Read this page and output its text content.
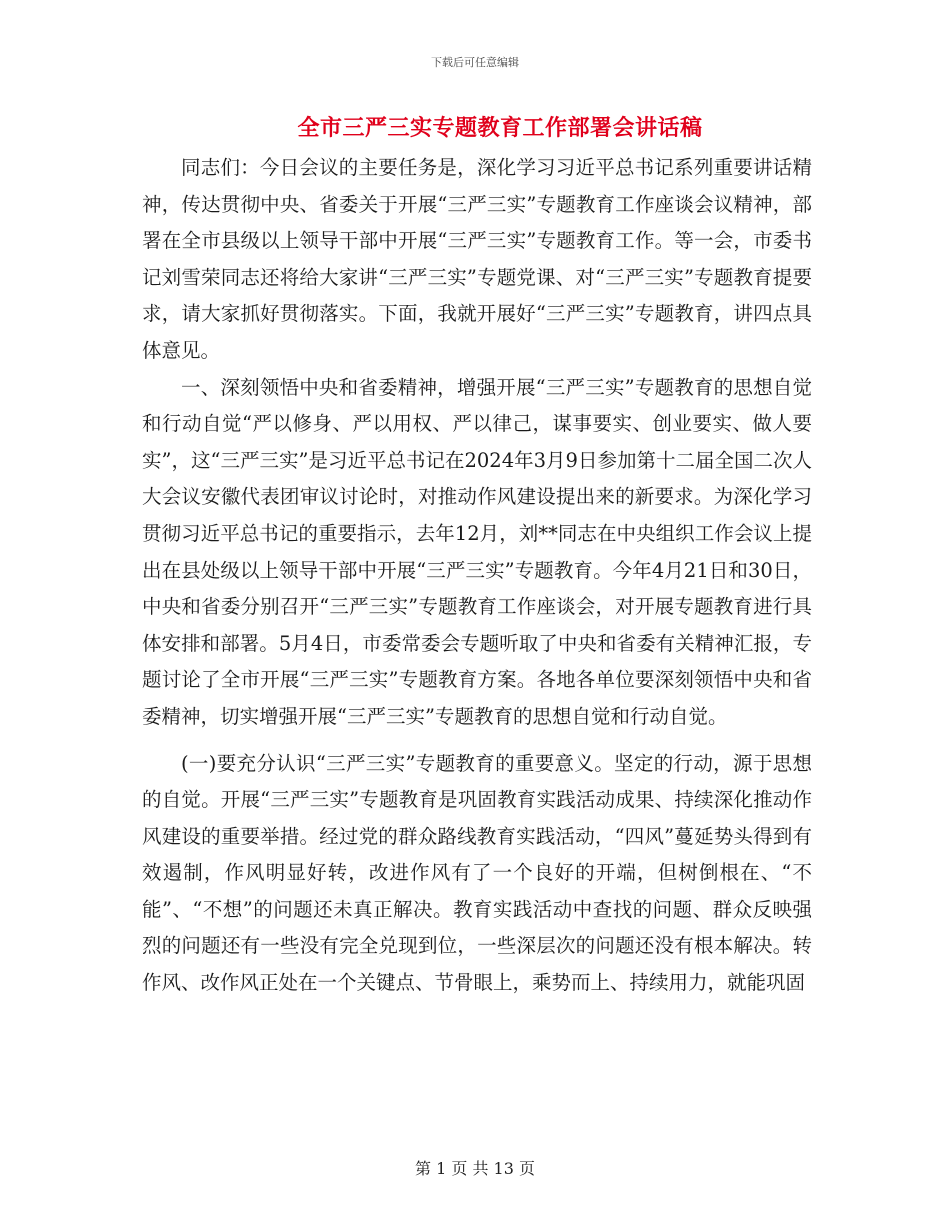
下载后可任意编辑
全市三严三实专题教育工作部署会讲话稿

同志们：今日会议的主要任务是，深化学习习近平总书记系列重要讲话精神，传达贯彻中央、省委关于开展“三严三实”专题教育工作座谈会议精神，部署在全市县级以上领导干部中开展“三严三实”专题教育工作。等一会，市委书记刘雪荣同志还将给大家讲“三严三实”专题党课、对“三严三实”专题教育提要求，请大家抓好贯彻落实。下面，我就开展好“三严三实”专题教育，讲四点具体意见。

一、深刻领悟中央和省委精神，增强开展“三严三实”专题教育的思想自觉和行动自觉“严以修身、严以用权、严以律己，谋事要实、创业要实、做人要实”，这“三严三实”是习近平总书记在2024年3月9日参加第十二届全国二次人大会议安徽代表团审议讨论时，对推动作风建设提出来的新要求。为深化学习贯彻习近平总书记的重要指示，去年12月，刘**同志在中央组织工作会议上提出在县处级以上领导干部中开展“三严三实”专题教育。今年4月21日和30日，中央和省委分别召开“三严三实”专题教育工作座谈会，对开展专题教育进行具体安排和部署。5月4日，市委常委会专题听取了中央和省委有关精神汇报，专题讨论了全市开展“三严三实”专题教育方案。各地各单位要深刻领悟中央和省委精神，切实增强开展“三严三实”专题教育的思想自觉和行动自觉。

(一)要充分认识“三严三实”专题教育的重要意义。坚定的行动，源于思想的自觉。开展“三严三实”专题教育是巩固教育实践活动成果、持续深化推动作风建设的重要举措。经过党的群众路线教育实践活动，“四风”蔓延势头得到有效遏制，作风明显好转，改进作风有了一个良好的开端，但树倒根在、“不能”、“不想”的问题还未真正解决。教育实践活动中查找的问题、群众反映强烈的问题还有一些没有完全兑现到位，一些深层次的问题还没有根本解决。转作风、改作风正处在一个关键点、节骨眼上，乘势而上、持续用力，就能巩固

第 1 页 共 13 页
